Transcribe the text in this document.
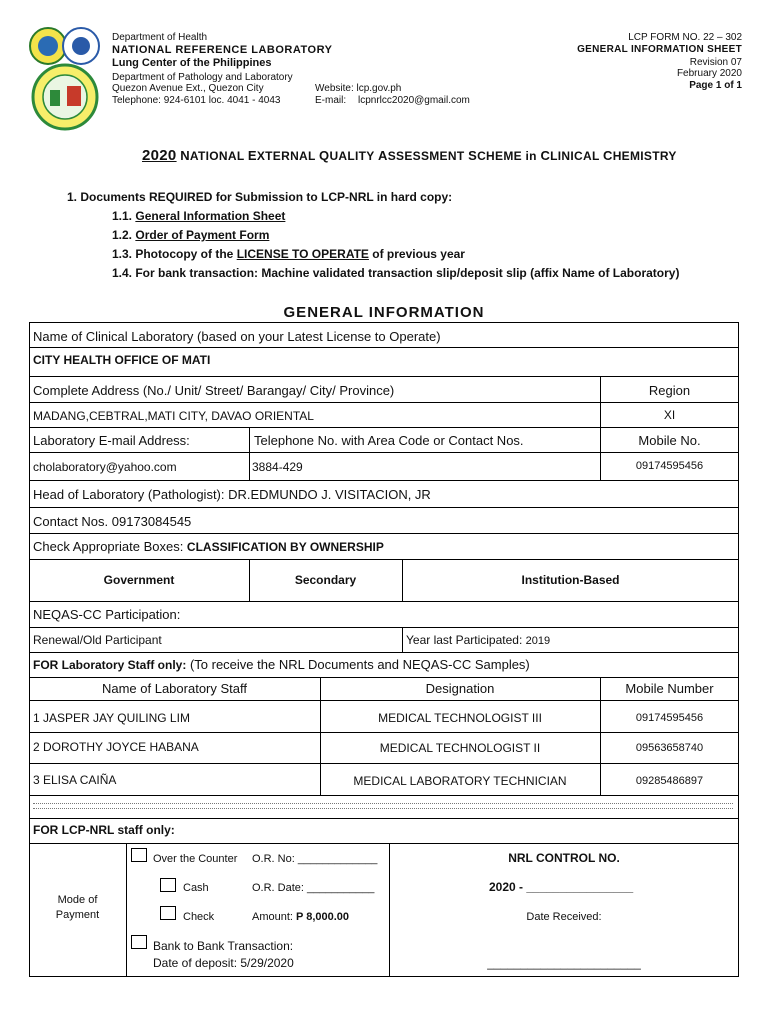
Department of Health
NATIONAL REFERENCE LABORATORY
Lung Center of the Philippines
Department of Pathology and Laboratory
Quezon Avenue Ext., Quezon City
Telephone: 924-6101 loc. 4041 - 4043
Website: lcp.gov.ph
E-mail: lcpnrlcc2020@gmail.com
LCP FORM NO. 22 – 302
GENERAL INFORMATION SHEET
Revision 07
February 2020
Page 1 of 1
2020 NATIONAL EXTERNAL QUALITY ASSESSMENT SCHEME in CLINICAL CHEMISTRY
1. Documents REQUIRED for Submission to LCP-NRL in hard copy:
1.1. General Information Sheet
1.2. Order of Payment Form
1.3. Photocopy of the LICENSE TO OPERATE of previous year
1.4. For bank transaction: Machine validated transaction slip/deposit slip (affix Name of Laboratory)
GENERAL INFORMATION
Name of Clinical Laboratory (based on your Latest License to Operate)
CITY HEALTH OFFICE OF MATI
Complete Address (No./ Unit/ Street/ Barangay/ City/ Province)	Region
MADANG,CEBTRAL,MATI CITY, DAVAO ORIENTAL	XI
Laboratory E-mail Address:	Telephone No. with Area Code or Contact Nos.	Mobile No.
cholaboratory@yahoo.com	3884-429	09174595456
Head of Laboratory (Pathologist): DR.EDMUNDO J. VISITACION, JR
Contact Nos. 09173084545
Check Appropriate Boxes: CLASSIFICATION BY OWNERSHIP
Government	Secondary	Institution-Based
NEQAS-CC Participation:
Renewal/Old Participant	Year last Participated: 2019
FOR Laboratory Staff only: (To receive the NRL Documents and NEQAS-CC Samples)
Name of Laboratory Staff	Designation	Mobile Number
1 JASPER JAY QUILING LIM	MEDICAL TECHNOLOGIST III	09174595456
2 DOROTHY JOYCE HABANA	MEDICAL TECHNOLOGIST II	09563658740
3 ELISA CAIÑA	MEDICAL LABORATORY TECHNICIAN	09285486897
FOR LCP-NRL staff only:
Mode of Payment
Over the Counter
Cash
Check
Bank to Bank Transaction:
Date of deposit: 5/29/2020
O.R. No: _____________
O.R. Date: ___________
Amount: P 8,000.00
NRL CONTROL NO.
2020 - ________________
Date Received:
_______________________
